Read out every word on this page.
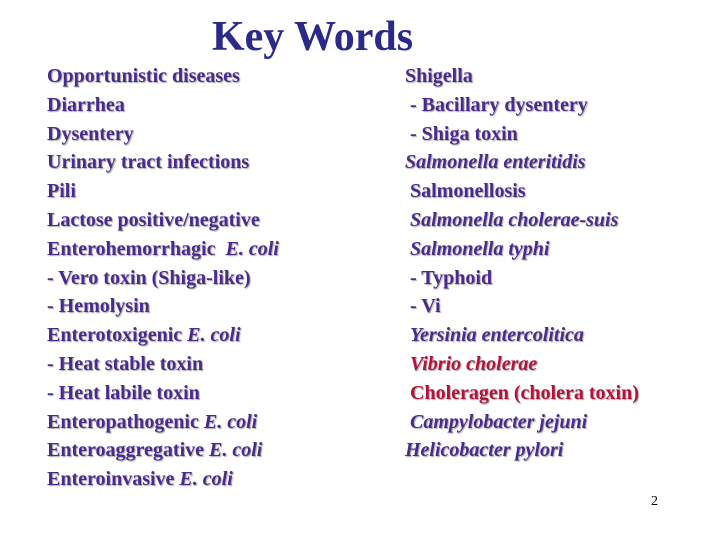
Key Words
Opportunistic diseases
Diarrhea
Dysentery
Urinary tract infections
Pili
Lactose positive/negative
Enterohemorrhagic  E. coli
- Vero toxin (Shiga-like)
- Hemolysin
Enterotoxigenic E. coli
- Heat stable toxin
- Heat labile toxin
Enteropathogenic E. coli
Enteroaggregative E. coli
Enteroinvasive E. coli
Shigella
- Bacillary dysentery
- Shiga toxin
Salmonella enteritidis
Salmonellosis
Salmonella cholerae-suis
Salmonella typhi
- Typhoid
- Vi
Yersinia entercolitica
Vibrio cholerae
Choleragen (cholera toxin)
Campylobacter jejuni
Helicobacter pylori
2
